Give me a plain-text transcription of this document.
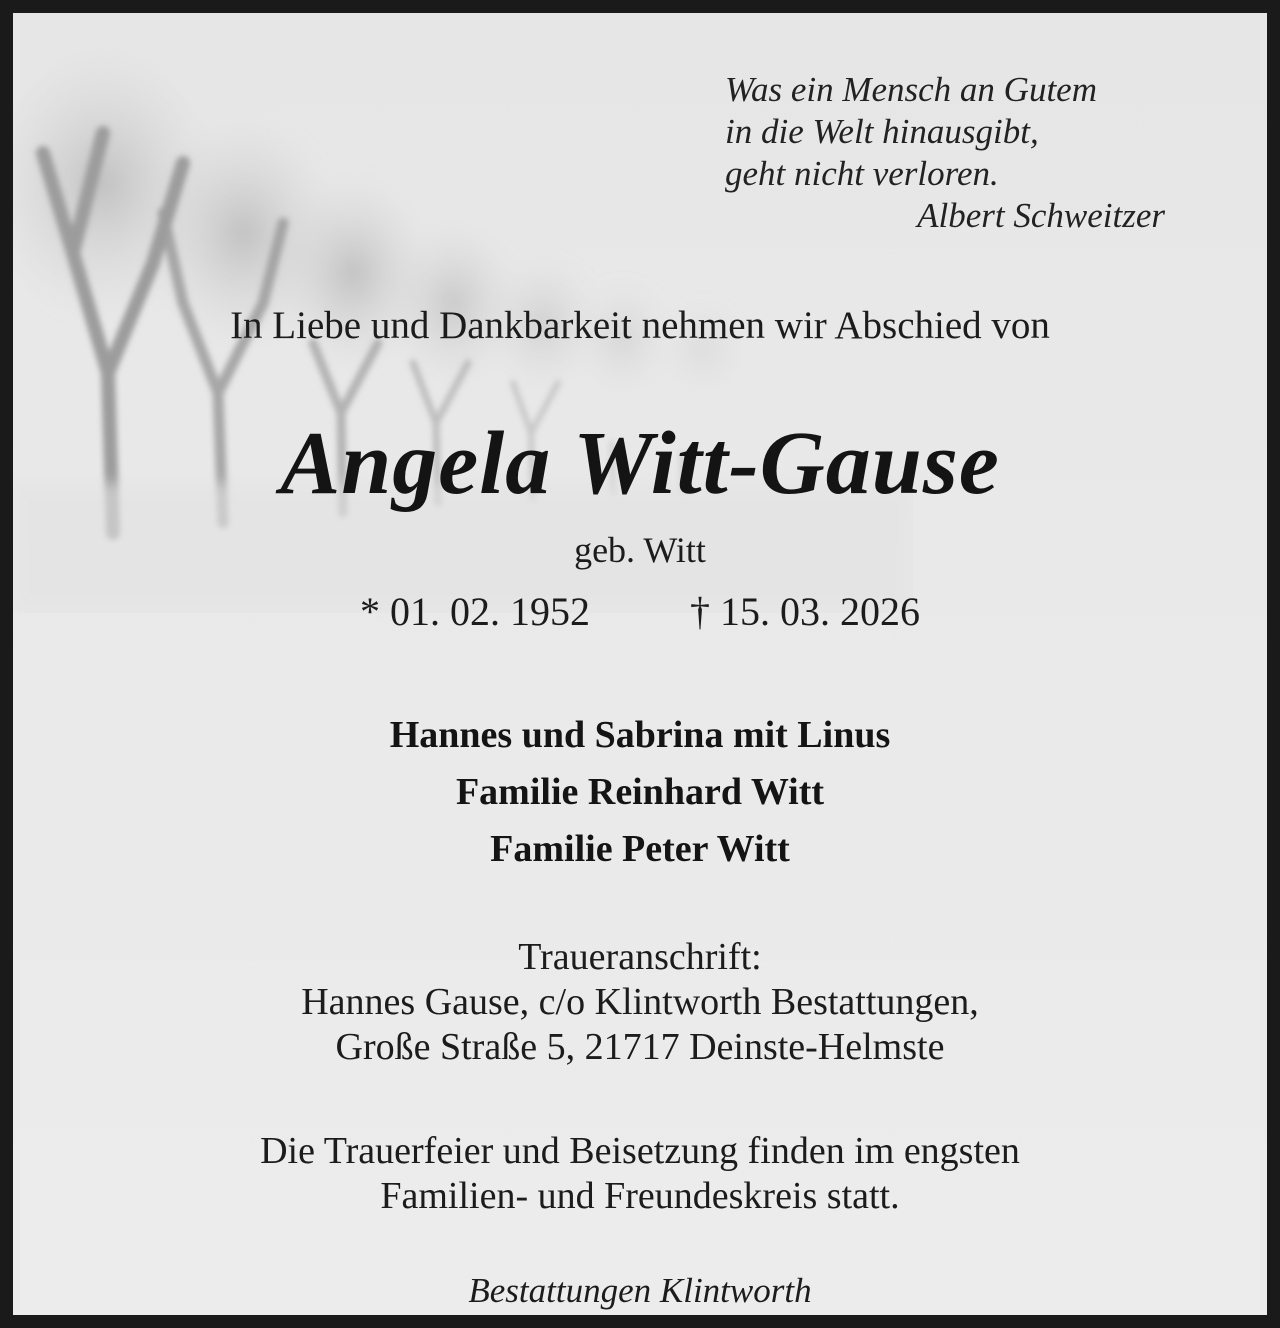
Was ein Mensch an Gutem
in die Welt hinausgibt,
geht nicht verloren.
Albert Schweitzer
In Liebe und Dankbarkeit nehmen wir Abschied von
Angela Witt-Gause
geb. Witt
* 01. 02. 1952	† 15. 03. 2026
Hannes und Sabrina mit Linus
Familie Reinhard Witt
Familie Peter Witt
Traueranschrift:
Hannes Gause, c/o Klintworth Bestattungen,
Große Straße 5, 21717 Deinste-Helmste
Die Trauerfeier und Beisetzung finden im engsten
Familien- und Freundeskreis statt.
Bestattungen Klintworth
